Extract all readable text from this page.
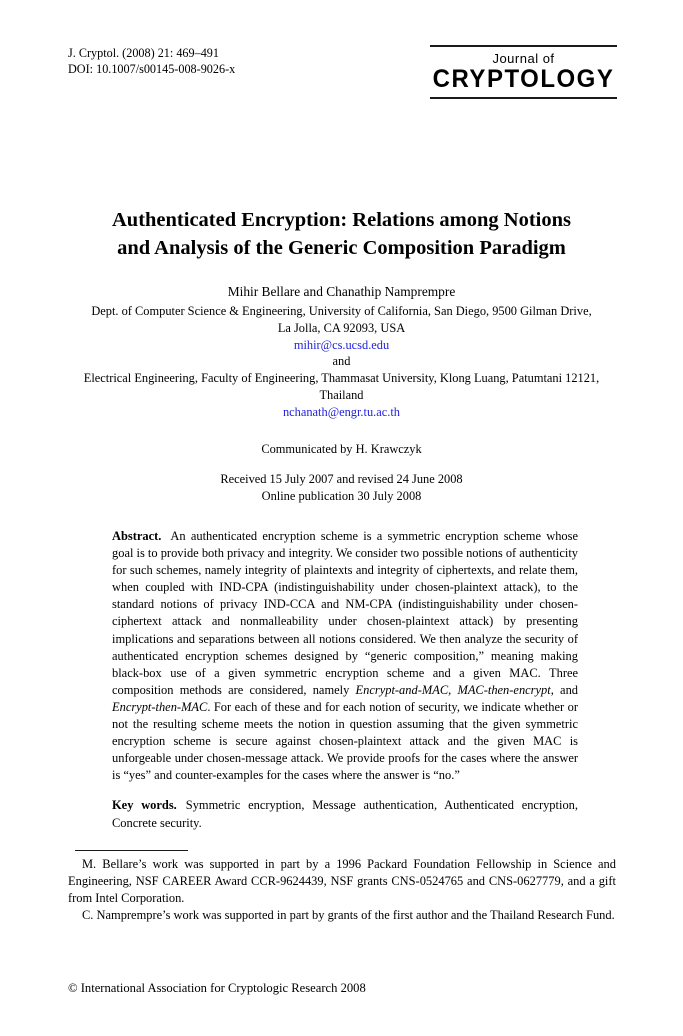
J. Cryptol. (2008) 21: 469–491
DOI: 10.1007/s00145-008-9026-x
Journal of
CRYPTOLOGY
Authenticated Encryption: Relations among Notions
and Analysis of the Generic Composition Paradigm
Mihir Bellare and Chanathip Namprempre
Dept. of Computer Science & Engineering, University of California, San Diego, 9500 Gilman Drive,
La Jolla, CA 92093, USA
mihir@cs.ucsd.edu
and
Electrical Engineering, Faculty of Engineering, Thammasat University, Klong Luang, Patumtani 12121,
Thailand
nchanath@engr.tu.ac.th
Communicated by H. Krawczyk
Received 15 July 2007 and revised 24 June 2008
Online publication 30 July 2008

Abstract. An authenticated encryption scheme is a symmetric encryption scheme whose goal is to provide both privacy and integrity. We consider two possible notions of authenticity for such schemes, namely integrity of plaintexts and integrity of ciphertexts, and relate them, when coupled with IND-CPA (indistinguishability under chosen-plaintext attack), to the standard notions of privacy IND-CCA and NM-CPA (indistinguishability under chosen-ciphertext attack and nonmalleability under chosen-plaintext attack) by presenting implications and separations between all notions considered. We then analyze the security of authenticated encryption schemes designed by “generic composition,” meaning making black-box use of a given symmetric encryption scheme and a given MAC. Three composition methods are considered, namely Encrypt-and-MAC, MAC-then-encrypt, and Encrypt-then-MAC. For each of these and for each notion of security, we indicate whether or not the resulting scheme meets the notion in question assuming that the given symmetric encryption scheme is secure against chosen-plaintext attack and the given MAC is unforgeable under chosen-message attack. We provide proofs for the cases where the answer is “yes” and counter-examples for the cases where the answer is “no.”

Key words. Symmetric encryption, Message authentication, Authenticated encryption, Concrete security.

M. Bellare’s work was supported in part by a 1996 Packard Foundation Fellowship in Science and Engineering, NSF CAREER Award CCR-9624439, NSF grants CNS-0524765 and CNS-0627779, and a gift from Intel Corporation.

C. Namprempre’s work was supported in part by grants of the first author and the Thailand Research Fund.

© International Association for Cryptologic Research 2008
